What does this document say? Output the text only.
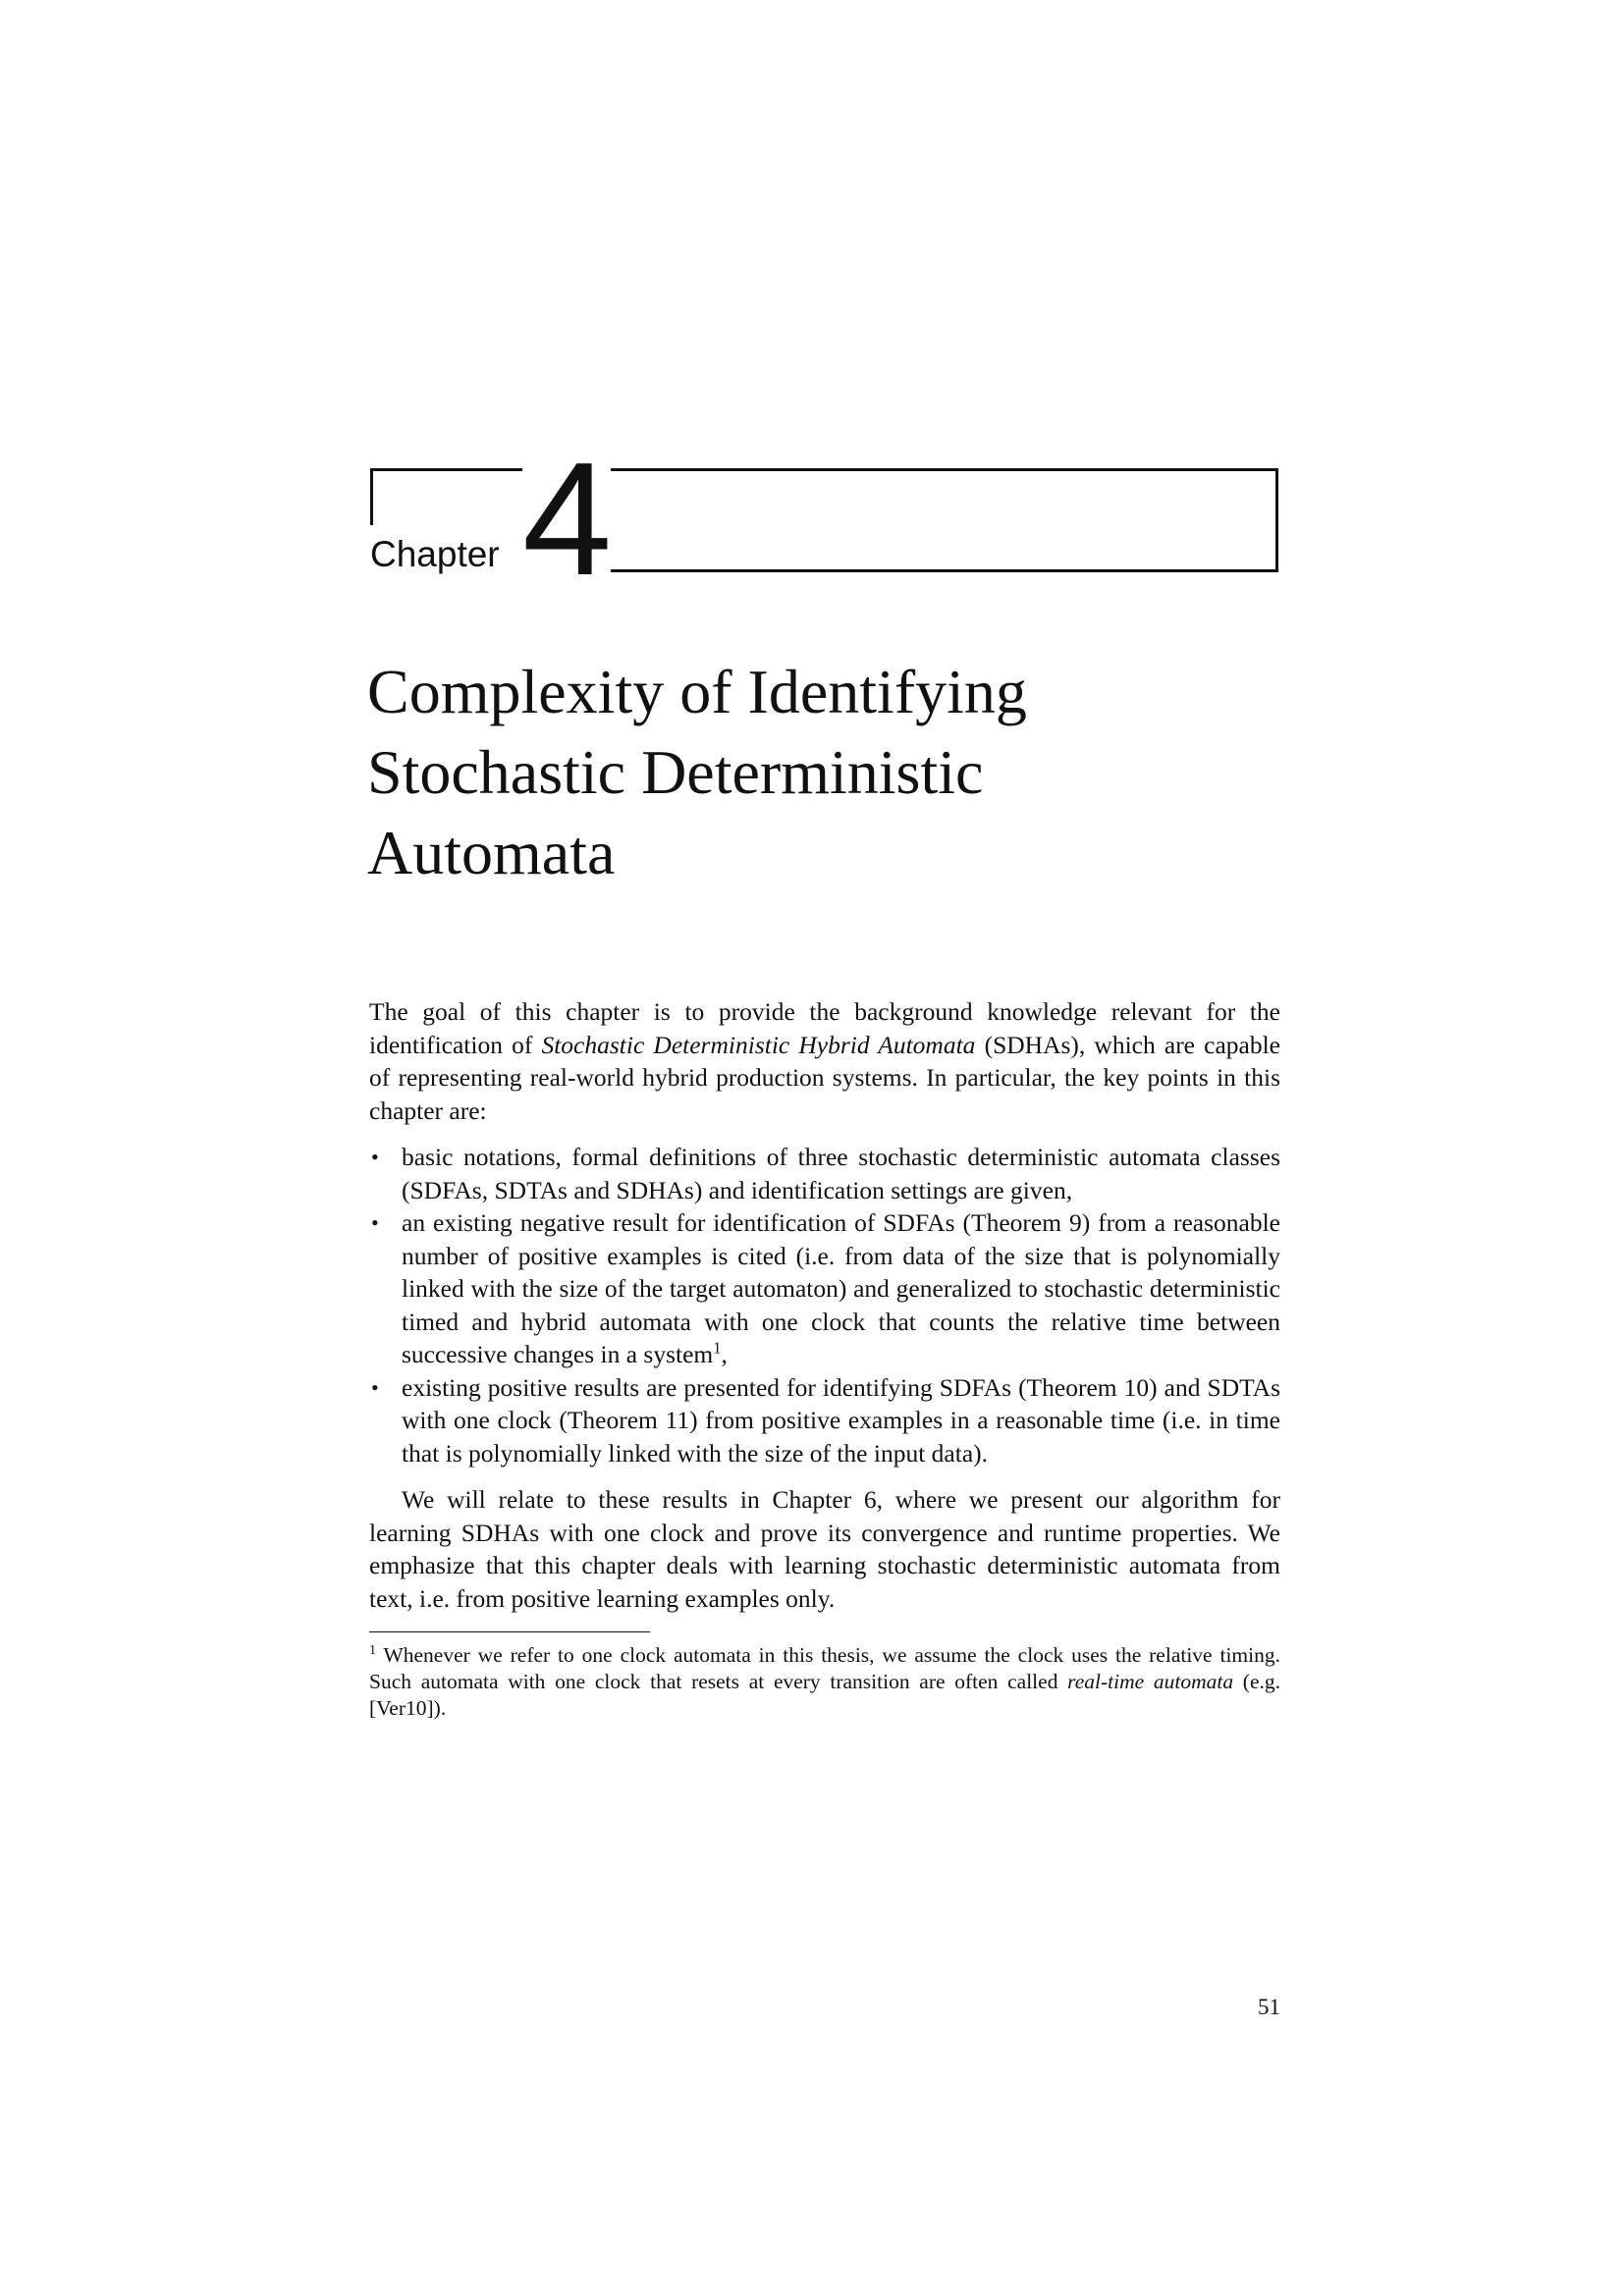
Chapter 4
Complexity of Identifying
Stochastic Deterministic
Automata

The goal of this chapter is to provide the background knowledge relevant for the identification of Stochastic Deterministic Hybrid Automata (SDHAs), which are capable of representing real-world hybrid production systems. In particular, the key points in this chapter are:

• basic notations, formal definitions of three stochastic deterministic automata classes (SDFAs, SDTAs and SDHAs) and identification settings are given,
• an existing negative result for identification of SDFAs (Theorem 9) from a reasonable number of positive examples is cited (i.e. from data of the size that is polynomially linked with the size of the target automaton) and generalized to stochastic deterministic timed and hybrid automata with one clock that counts the relative time between successive changes in a system$^1$,
• existing positive results are presented for identifying SDFAs (Theorem 10) and SDTAs with one clock (Theorem 11) from positive examples in a reasonable time (i.e. in time that is polynomially linked with the size of the input data).

We will relate to these results in Chapter 6, where we present our algorithm for learning SDHAs with one clock and prove its convergence and runtime properties. We emphasize that this chapter deals with learning stochastic deterministic automata from text, i.e. from positive learning examples only.

$^1$ Whenever we refer to one clock automata in this thesis, we assume the clock uses the relative timing. Such automata with one clock that resets at every transition are often called real-time automata (e.g. [Ver10]).
51
